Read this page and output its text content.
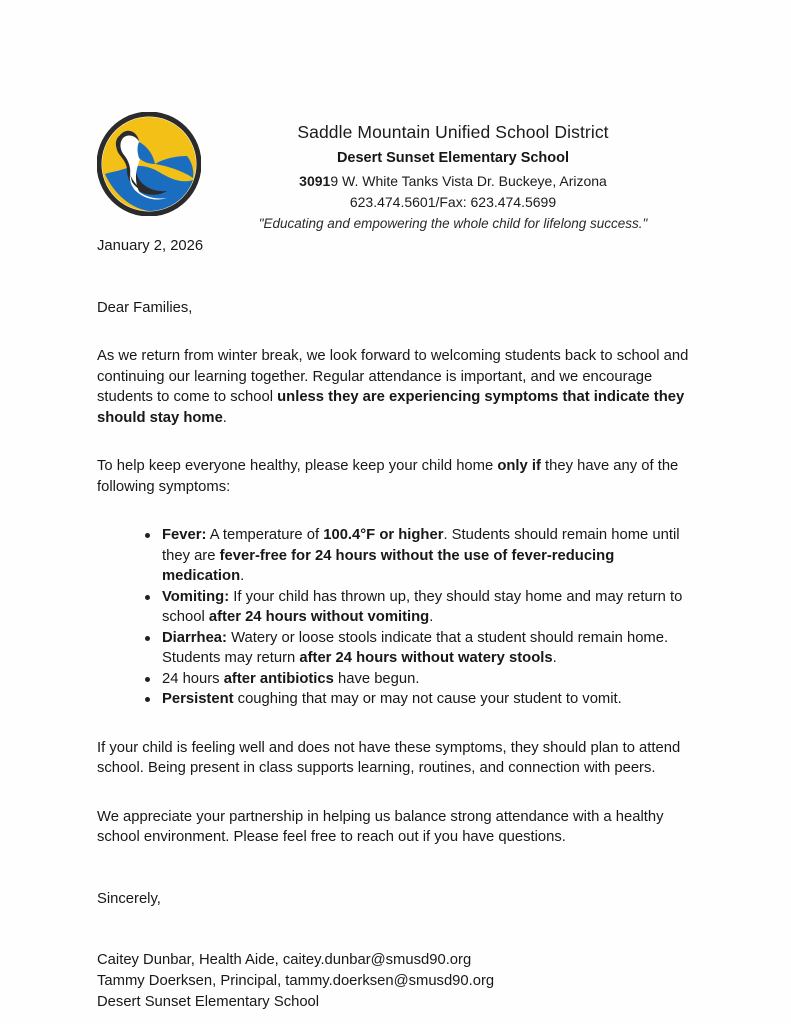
Saddle Mountain Unified School District
Desert Sunset Elementary School
30919 W. White Tanks Vista Dr. Buckeye, Arizona
623.474.5601/Fax: 623.474.5699
"Educating and empowering the whole child for lifelong success."

January 2, 2026

Dear Families,

As we return from winter break, we look forward to welcoming students back to school and continuing our learning together. Regular attendance is important, and we encourage students to come to school unless they are experiencing symptoms that indicate they should stay home.

To help keep everyone healthy, please keep your child home only if they have any of the following symptoms:

Fever: A temperature of 100.4°F or higher. Students should remain home until they are fever-free for 24 hours without the use of fever-reducing medication.
Vomiting: If your child has thrown up, they should stay home and may return to school after 24 hours without vomiting.
Diarrhea: Watery or loose stools indicate that a student should remain home. Students may return after 24 hours without watery stools.
24 hours after antibiotics have begun.
Persistent coughing that may or may not cause your student to vomit.

If your child is feeling well and does not have these symptoms, they should plan to attend school. Being present in class supports learning, routines, and connection with peers.

We appreciate your partnership in helping us balance strong attendance with a healthy school environment. Please feel free to reach out if you have questions.

Sincerely,

Caitey Dunbar, Health Aide, caitey.dunbar@smusd90.org
Tammy Doerksen, Principal, tammy.doerksen@smusd90.org
Desert Sunset Elementary School
